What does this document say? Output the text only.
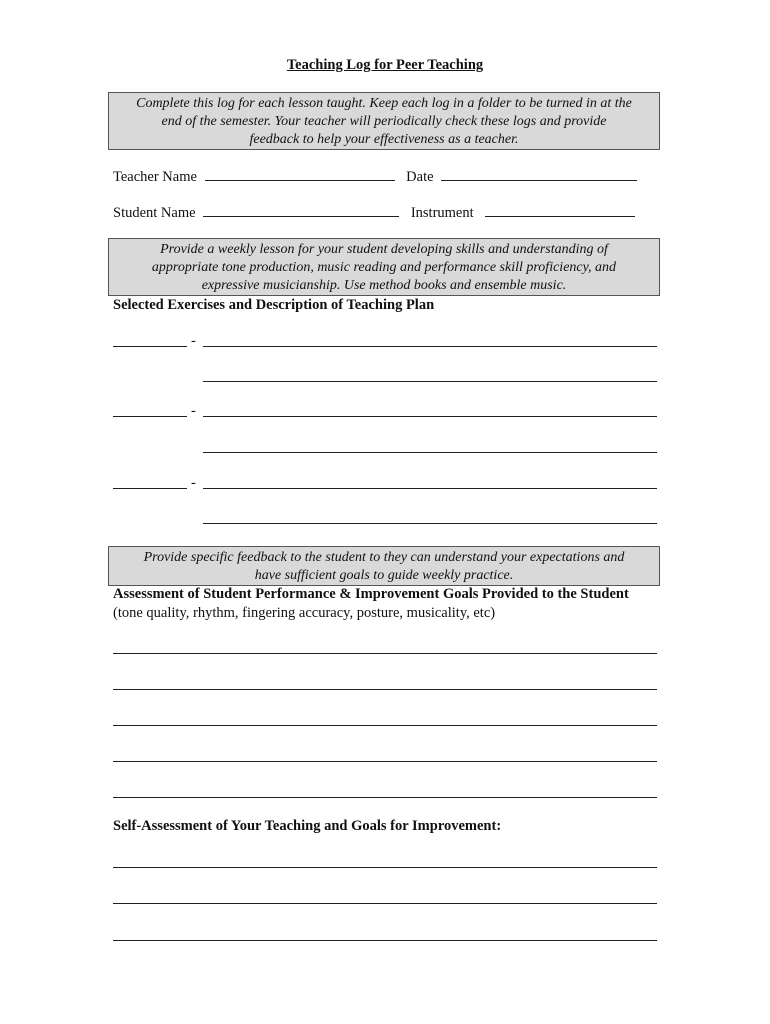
Teaching Log for Peer Teaching
Complete this log for each lesson taught. Keep each log in a folder to be turned in at the
end of the semester. Your teacher will periodically check these logs and provide
feedback to help your effectiveness as a teacher.
Teacher Name	Date
Student Name	Instrument
Provide a weekly lesson for your student developing skills and understanding of
appropriate tone production, music reading and performance skill proficiency, and
expressive musicianship. Use method books and ensemble music.
Selected Exercises and Description of Teaching Plan
-
-
-
Provide specific feedback to the student to they can understand your expectations and
have sufficient goals to guide weekly practice.
Assessment of Student Performance & Improvement Goals Provided to the Student
(tone quality, rhythm, fingering accuracy, posture, musicality, etc)
Self-Assessment of Your Teaching and Goals for Improvement:
